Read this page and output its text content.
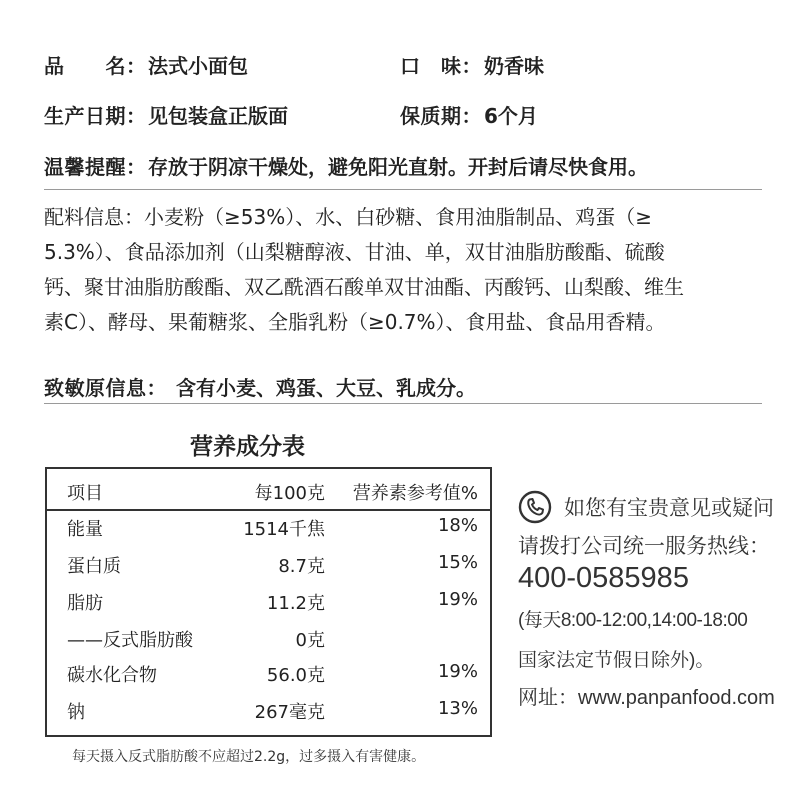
品　　名： 法式小面包	口　味： 奶香味
生产日期： 见包装盒正版面	保质期： 6个月
温馨提醒： 存放于阴凉干燥处，避免阳光直射。开封后请尽快食用。
配料信息：小麦粉（≥53%）、水、白砂糖、食用油脂制品、鸡蛋（≥
5.3%）、食品添加剂（山梨糖醇液、甘油、单，双甘油脂肪酸酯、硫酸
钙、聚甘油脂肪酸酯、双乙酰酒石酸单双甘油酯、丙酸钙、山梨酸、维生
素C）、酵母、果葡糖浆、全脂乳粉（≥0.7%）、食用盐、食品用香精。
致敏原信息： 含有小麦、鸡蛋、大豆、乳成分。
营养成分表
项目	每100克 营养素参考值%
能量	1514千焦	18%
蛋白质	8.7克	15%
脂肪	11.2克	19%
——反式脂肪酸	0克
碳水化合物	56.0克	19%
钠	267毫克	13%
每天摄入反式脂肪酸不应超过2.2g，过多摄入有害健康。
如您有宝贵意见或疑问
请拨打公司统一服务热线：
400-0585985
(每天8:00-12:00,14:00-18:00
国家法定节假日除外)。
网址：www.panpanfood.com
